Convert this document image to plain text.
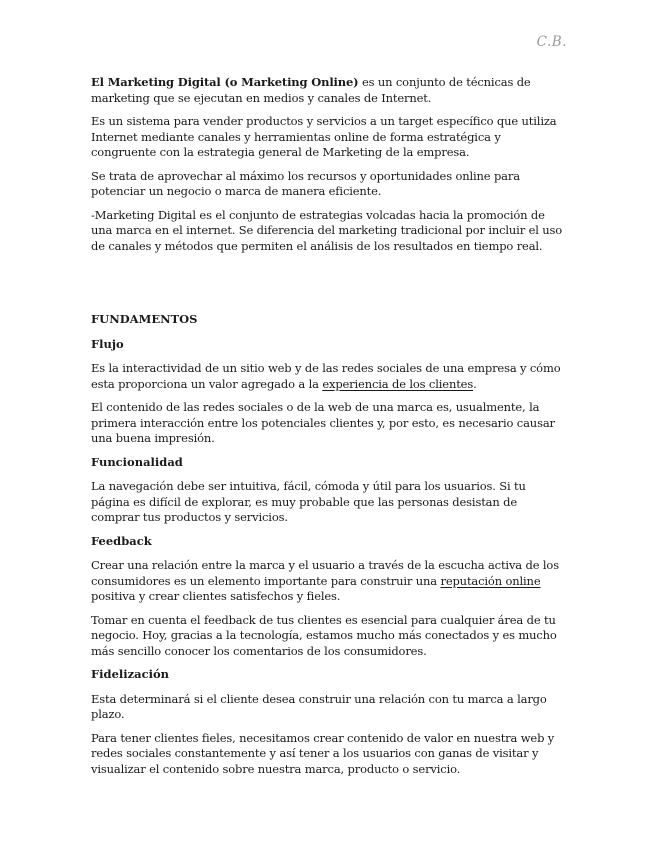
C.B.

El Marketing Digital (o Marketing Online) es un conjunto de técnicas de marketing que se ejecutan en medios y canales de Internet.

Es un sistema para vender productos y servicios a un target específico que utiliza Internet mediante canales y herramientas online de forma estratégica y congruente con la estrategia general de Marketing de la empresa.

Se trata de aprovechar al máximo los recursos y oportunidades online para potenciar un negocio o marca de manera eficiente.

-Marketing Digital es el conjunto de estrategias volcadas hacia la promoción de una marca en el internet. Se diferencia del marketing tradicional por incluir el uso de canales y métodos que permiten el análisis de los resultados en tiempo real.

FUNDAMENTOS
Flujo

Es la interactividad de un sitio web y de las redes sociales de una empresa y cómo esta proporciona un valor agregado a la experiencia de los clientes.

El contenido de las redes sociales o de la web de una marca es, usualmente, la primera interacción entre los potenciales clientes y, por esto, es necesario causar una buena impresión.

Funcionalidad

La navegación debe ser intuitiva, fácil, cómoda y útil para los usuarios. Si tu página es difícil de explorar, es muy probable que las personas desistan de comprar tus productos y servicios.

Feedback

Crear una relación entre la marca y el usuario a través de la escucha activa de los consumidores es un elemento importante para construir una reputación online positiva y crear clientes satisfechos y fieles.

Tomar en cuenta el feedback de tus clientes es esencial para cualquier área de tu negocio. Hoy, gracias a la tecnología, estamos mucho más conectados y es mucho más sencillo conocer los comentarios de los consumidores.

Fidelización

Esta determinará si el cliente desea construir una relación con tu marca a largo plazo.

Para tener clientes fieles, necesitamos crear contenido de valor en nuestra web y redes sociales constantemente y así tener a los usuarios con ganas de visitar y visualizar el contenido sobre nuestra marca, producto o servicio.
